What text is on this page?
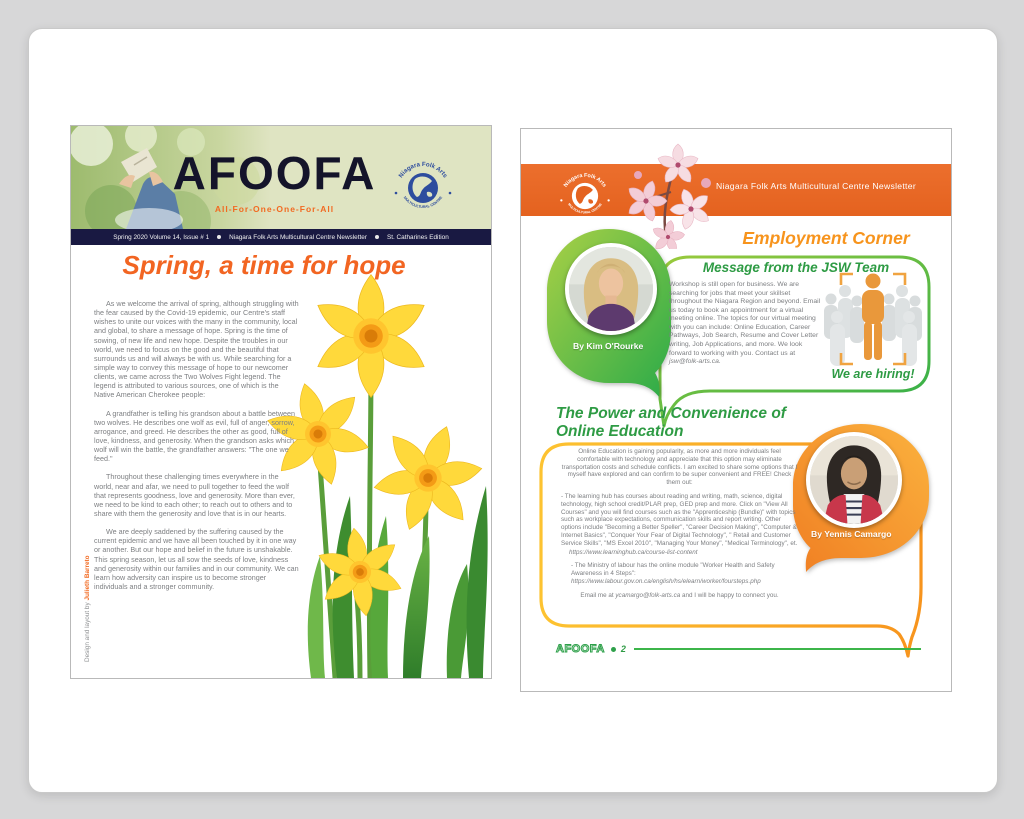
AFOOFA
All-For-One-One-For-All
Niagara Folk Arts
MULTICULTURAL CENTRE
Spring 2020 Volume 14, Issue # 1	Niagara Folk Arts Multicultural Centre Newsletter	St. Catharines Edition
Spring, a time for hope

As we welcome the arrival of spring, although struggling with the fear caused by the Covid-19 epidemic, our Centre's staff wishes to unite our voices with the many in the community, local and global, to share a message of hope. Spring is the time of sowing, of new life and new hope. Despite the troubles in our world, we need to focus on the good and the beautiful that surrounds us and will always be with us. While searching for a simple way to convey this message of hope to our newcomer clients, we came across the Two Wolves Fight legend. The legend is attributed to various sources, one of which is the Native American Cherokee people:

A grandfather is telling his grandson about a battle between two wolves. He describes one wolf as evil, full of anger, sorrow, arrogance, and greed. He describes the other as good, full of love, kindness, and generosity. When the grandson asks which wolf will win the battle, the grandfather answers: "The one we feed."

Throughout these challenging times everywhere in the world, near and afar, we need to pull together to feed the wolf that represents goodness, love and generosity. More than ever, we need to be kind to each other; to reach out to others and to share with them the generosity and love that is in our hearts.

We are deeply saddened by the suffering caused by the current epidemic and we have all been touched by it in one way or another. But our hope and belief in the future is unshakable. This spring season, let us all sow the seeds of love, kindness and generosity within our families and in our community. We can learn how adversity can inspire us to become stronger individuals and a stronger community.

Design and layout by Julieth Barreto
Niagara Folk Arts
MULTICULTURAL CENTRE
Niagara Folk Arts Multicultural Centre Newsletter
Employment Corner
By Kim O'Rourke
Message from the JSW Team
Workshop is still open for business. We are searching for jobs that meet your skillset throughout the Niagara Region and beyond. Email us today to book an appointment for a virtual meeting online. The topics for our virtual meeting with you can include: Online Education, Career Pathways, Job Search, Resume and Cover Letter writing, Job Applications, and more. We look forward to working with you. Contact us at jsw@folk-arts.ca.
We are hiring!
The Power and Convenience of Online Education

Online Education is gaining popularity, as more and more individuals feel comfortable with technology and appreciate that this option may eliminate transportation costs and schedule conflicts. I am excited to share some options that I myself have explored and can confirm to be super convenient and FREE! Check them out:

- The learning hub has courses about reading and writing, math, science, digital technology, high school credit/PLAR prep, GED prep and more. Click on "View All Courses" and you will find courses such as the "Apprenticeship (Bundle)" with topics such as workplace expectations, communication skills and report writing. Other options include "Becoming a Better Speller", "Career Decision Making", "Computer & Internet Basics", "Conquer Your Fear of Digital Technology", " Retail and Customer Service Skills", "MS Excel 2010", "Managing Your Money", "Medical Terminology", et.
https://www.learninghub.ca/course-list-content

- The Ministry of labour has the online module "Worker Health and Safety Awareness in 4 Steps": https://www.labour.gov.on.ca/english/hs/elearn/worker/foursteps.php

Email me at ycamargo@folk-arts.ca and I will be happy to connect you.

By Yennis Camargo
AFOOFA 2
